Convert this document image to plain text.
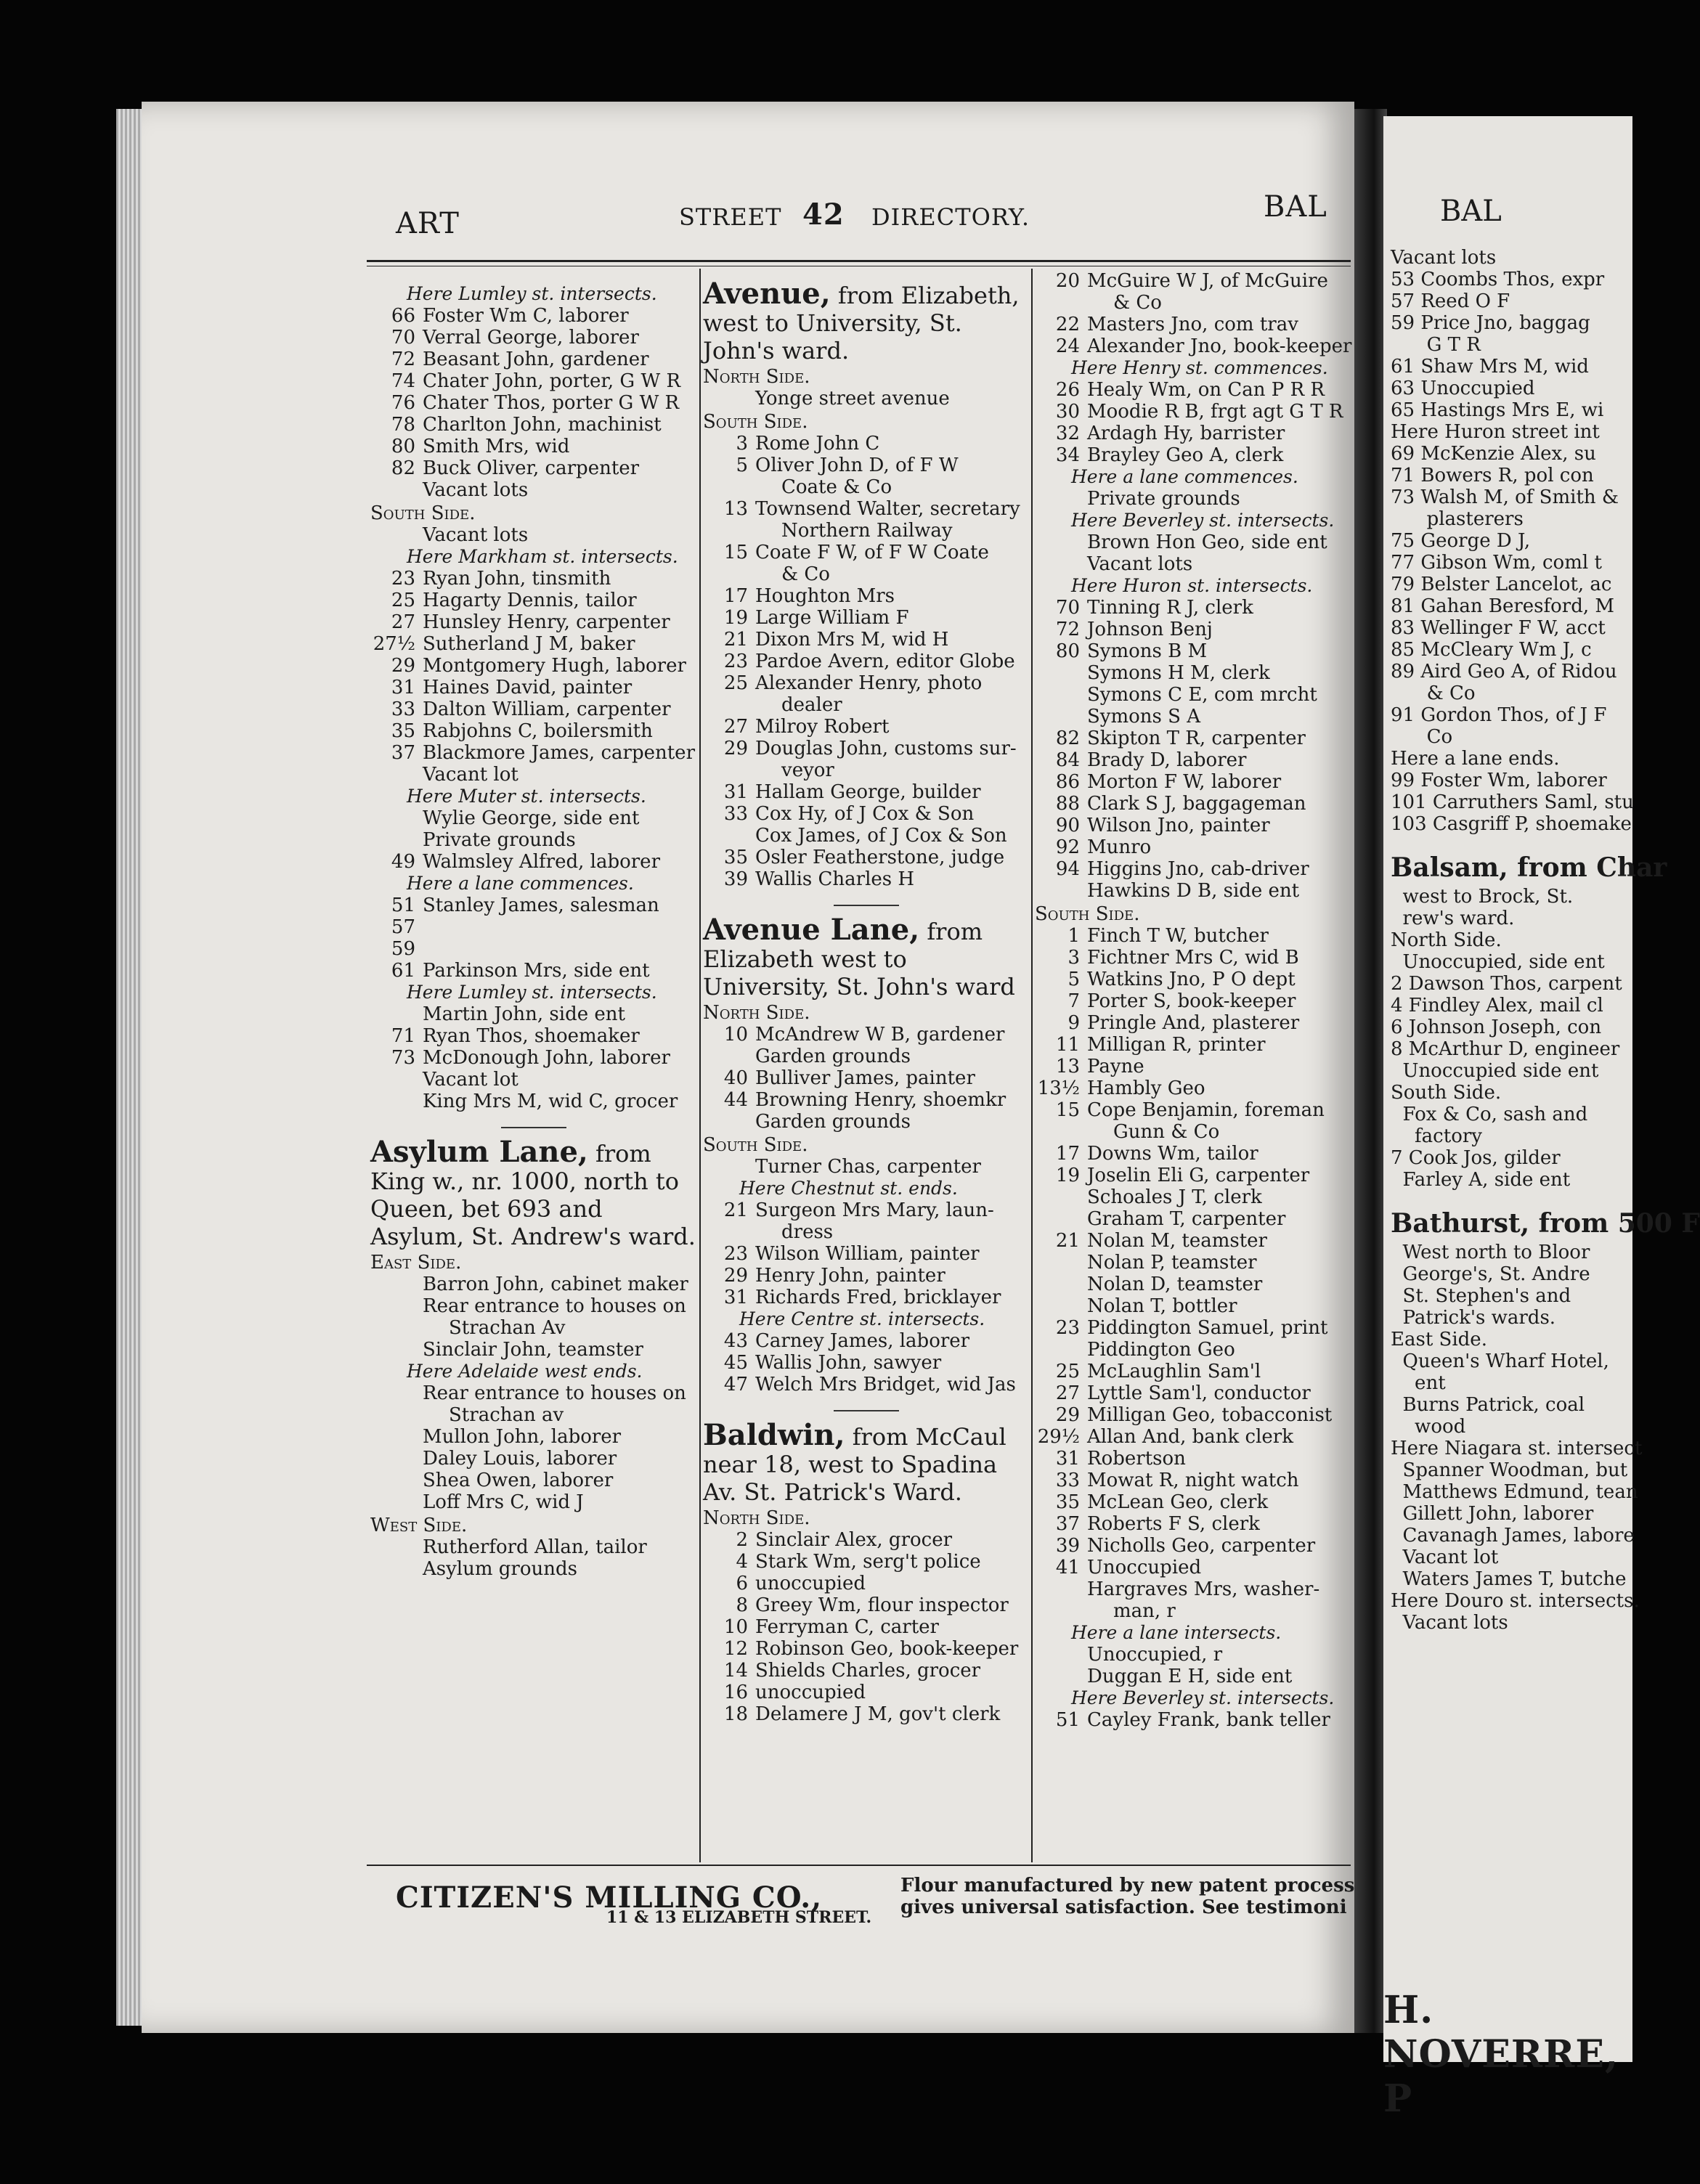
BAL
Vacant lots
53 Coombs Thos, expr
57 Reed O F
59 Price Jno, baggag
G T R
61 Shaw Mrs M, wid
63 Unoccupied
65 Hastings Mrs E, wi
Here Huron street int
69 McKenzie Alex, su
71 Bowers R, pol con
73 Walsh M, of Smith &
plasterers
75 George D J,
77 Gibson Wm, coml t
79 Belster Lancelot, ac
81 Gahan Beresford, M
83 Wellinger F W, acct
85 McCleary Wm J, c
89 Aird Geo A, of Ridou
& Co
91 Gordon Thos, of J F
Co
Here a lane ends.
99 Foster Wm, laborer
101 Carruthers Saml, stu
103 Casgriff P, shoemake
Balsam, from Char
west to Brock, St.
rew's ward.
North Side.
Unoccupied, side ent
2 Dawson Thos, carpent
4 Findley Alex, mail cl
6 Johnson Joseph, con
8 McArthur D, engineer
Unoccupied side ent
South Side.
Fox & Co, sash and
factory
7 Cook Jos, gilder
Farley A, side ent
Bathurst, from 500 F
West north to Bloor
George's, St. Andre
St. Stephen's and
Patrick's wards.
East Side.
Queen's Wharf Hotel,
ent
Burns Patrick, coal
wood
Here Niagara st. intersect
Spanner Woodman, but
Matthews Edmund, tean
Gillett John, laborer
Cavanagh James, labore
Vacant lot
Waters James T, butche
Here Douro st. intersects.
Vacant lots
H. NOVERRE, P
ART	STREET 42 DIRECTORY.	BAL
Here Lumley st. intersects.
66 Foster Wm C, laborer
70 Verral George, laborer
72 Beasant John, gardener
74 Chater John, porter, G W R
76 Chater Thos, porter G W R
78 Charlton John, machinist
80 Smith Mrs, wid
82 Buck Oliver, carpenter
Vacant lots
South Side.
Vacant lots
Here Markham st. intersects.
23 Ryan John, tinsmith
25 Hagarty Dennis, tailor
27 Hunsley Henry, carpenter
27½ Sutherland J M, baker
29 Montgomery Hugh, laborer
31 Haines David, painter
33 Dalton William, carpenter
35 Rabjohns C, boilersmith
37 Blackmore James, carpenter
Vacant lot
Here Muter st. intersects.
Wylie George, side ent
Private grounds
49 Walmsley Alfred, laborer
Here a lane commences.
51 Stanley James, salesman
57
59
61 Parkinson Mrs, side ent
Here Lumley st. intersects.
Martin John, side ent
71 Ryan Thos, shoemaker
73 McDonough John, laborer
Vacant lot
King Mrs M, wid C, grocer
Asylum Lane, from King w., nr. 1000, north to Queen, bet 693 and Asylum, St. Andrew's ward.
East Side.
Barron John, cabinet maker
Rear entrance to houses on
Strachan Av
Sinclair John, teamster
Here Adelaide west ends.
Rear entrance to houses on
Strachan av
Mullon John, laborer
Daley Louis, laborer
Shea Owen, laborer
Loff Mrs C, wid J
West Side.
Rutherford Allan, tailor
Asylum grounds
Avenue, from Elizabeth, west to University, St. John's ward.
North Side.
Yonge street avenue
South Side.
3 Rome John C
5 Oliver John D, of F W
Coate & Co
13 Townsend Walter, secretary
Northern Railway
15 Coate F W, of F W Coate
& Co
17 Houghton Mrs
19 Large William F
21 Dixon Mrs M, wid H
23 Pardoe Avern, editor Globe
25 Alexander Henry, photo
dealer
27 Milroy Robert
29 Douglas John, customs sur-
veyor
31 Hallam George, builder
33 Cox Hy, of J Cox & Son
Cox James, of J Cox & Son
35 Osler Featherstone, judge
39 Wallis Charles H
Avenue Lane, from Elizabeth west to University, St. John's ward
North Side.
10 McAndrew W B, gardener
Garden grounds
40 Bulliver James, painter
44 Browning Henry, shoemkr
Garden grounds
South Side.
Turner Chas, carpenter
Here Chestnut st. ends.
21 Surgeon Mrs Mary, laun-
dress
23 Wilson William, painter
29 Henry John, painter
31 Richards Fred, bricklayer
Here Centre st. intersects.
43 Carney James, laborer
45 Wallis John, sawyer
47 Welch Mrs Bridget, wid Jas
Baldwin, from McCaul near 18, west to Spadina Av. St. Patrick's Ward.
North Side.
2 Sinclair Alex, grocer
4 Stark Wm, serg't police
6 unoccupied
8 Greey Wm, flour inspector
10 Ferryman C, carter
12 Robinson Geo, book-keeper
14 Shields Charles, grocer
16 unoccupied
18 Delamere J M, gov't clerk
20 McGuire W J, of McGuire
& Co
22 Masters Jno, com trav
24 Alexander Jno, book-keeper
Here Henry st. commences.
26 Healy Wm, on Can P R R
30 Moodie R B, frgt agt G T R
32 Ardagh Hy, barrister
34 Brayley Geo A, clerk
Here a lane commences.
Private grounds
Here Beverley st. intersects.
Brown Hon Geo, side ent
Vacant lots
Here Huron st. intersects.
70 Tinning R J, clerk
72 Johnson Benj
80 Symons B M
Symons H M, clerk
Symons C E, com mrcht
Symons S A
82 Skipton T R, carpenter
84 Brady D, laborer
86 Morton F W, laborer
88 Clark S J, baggageman
90 Wilson Jno, painter
92 Munro
94 Higgins Jno, cab-driver
Hawkins D B, side ent
South Side.
1 Finch T W, butcher
3 Fichtner Mrs C, wid B
5 Watkins Jno, P O dept
7 Porter S, book-keeper
9 Pringle And, plasterer
11 Milligan R, printer
13 Payne
13½ Hambly Geo
15 Cope Benjamin, foreman
Gunn & Co
17 Downs Wm, tailor
19 Joselin Eli G, carpenter
Schoales J T, clerk
Graham T, carpenter
21 Nolan M, teamster
Nolan P, teamster
Nolan D, teamster
Nolan T, bottler
23 Piddington Samuel, print
Piddington Geo
25 McLaughlin Sam'l
27 Lyttle Sam'l, conductor
29 Milligan Geo, tobacconist
29½ Allan And, bank clerk
31 Robertson
33 Mowat R, night watch
35 McLean Geo, clerk
37 Roberts F S, clerk
39 Nicholls Geo, carpenter
41 Unoccupied
Hargraves Mrs, washer-
man, r
Here a lane intersects.
Unoccupied, r
Duggan E H, side ent
Here Beverley st. intersects.
51 Cayley Frank, bank teller
CITIZEN'S MILLING CO.,
11 & 13 ELIZABETH STREET.
Flour manufactured by new patent process
gives universal satisfaction. See testimoni
